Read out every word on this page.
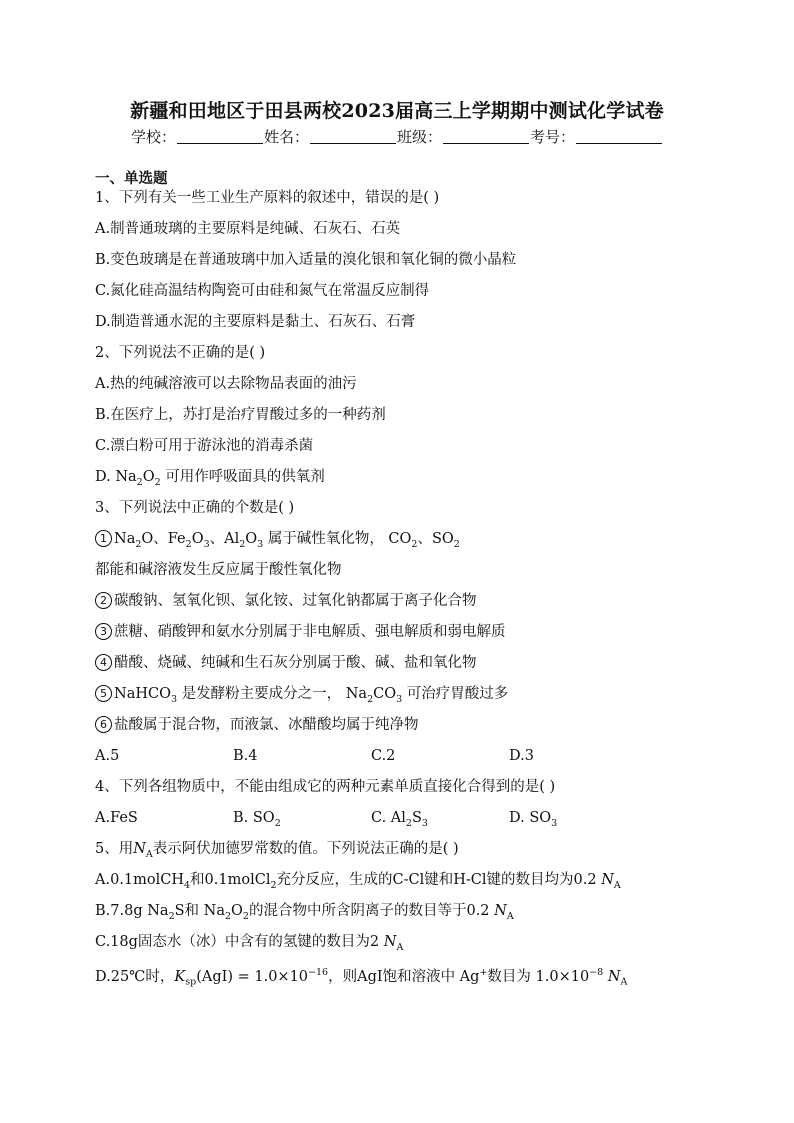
新疆和田地区于田县两校2023届高三上学期期中测试化学试卷
学校：	姓名：	班级：	考号：
一、单选题
1、下列有关一些工业生产原料的叙述中，错误的是( )
A.制普通玻璃的主要原料是纯碱、石灰石、石英
B.变色玻璃是在普通玻璃中加入适量的溴化银和氧化铜的微小晶粒
C.氮化硅高温结构陶瓷可由硅和氮气在常温反应制得
D.制造普通水泥的主要原料是黏土、石灰石、石膏
2、下列说法不正确的是( )
A.热的纯碱溶液可以去除物品表面的油污
B.在医疗上，苏打是治疗胃酸过多的一种药剂
C.漂白粉可用于游泳池的消毒杀菌
D. $Na_2O_2$ 可用作呼吸面具的供氧剂
3、下列说法中正确的个数是( )
1 $Na_2O$、$Fe_2O_3$、$Al_2O_3$ 属于碱性氧化物， $CO_2$、$SO_2$
都能和碱溶液发生反应属于酸性氧化物
2 碳酸钠、氢氧化钡、氯化铵、过氧化钠都属于离子化合物
3 蔗糖、硝酸钾和氨水分别属于非电解质、强电解质和弱电解质
4 醋酸、烧碱、纯碱和生石灰分别属于酸、碱、盐和氧化物
5 NaHCO$_3$ 是发酵粉主要成分之一， $Na_2CO_3$ 可治疗胃酸过多
6 盐酸属于混合物，而液氯、冰醋酸均属于纯净物
A.5	B.4	C.2	D.3
4、下列各组物质中，不能由组成它的两种元素单质直接化合得到的是( )
A.FeS	B. $SO_2$	C. $Al_2S_3$	D. $SO_3$
5、用$N_A$表示阿伏加德罗常数的值。下列说法正确的是( )
A.0.1molCH$_4$和0.1molCl$_2$充分反应，生成的C-Cl键和H-Cl键的数目均为0.2 $N_A$
B.7.8g $Na_2S$和 $Na_2O_2$的混合物中所含阴离子的数目等于0.2 $N_A$
C.18g固态水（冰）中含有的氢键的数目为2 $N_A$
D.25℃时，$K_{sp}(AgI) = 1.0\times 10^{-16}$，则AgI饱和溶液中 Ag+数目为 $1.0\times 10^{-8}$ $N_A$
